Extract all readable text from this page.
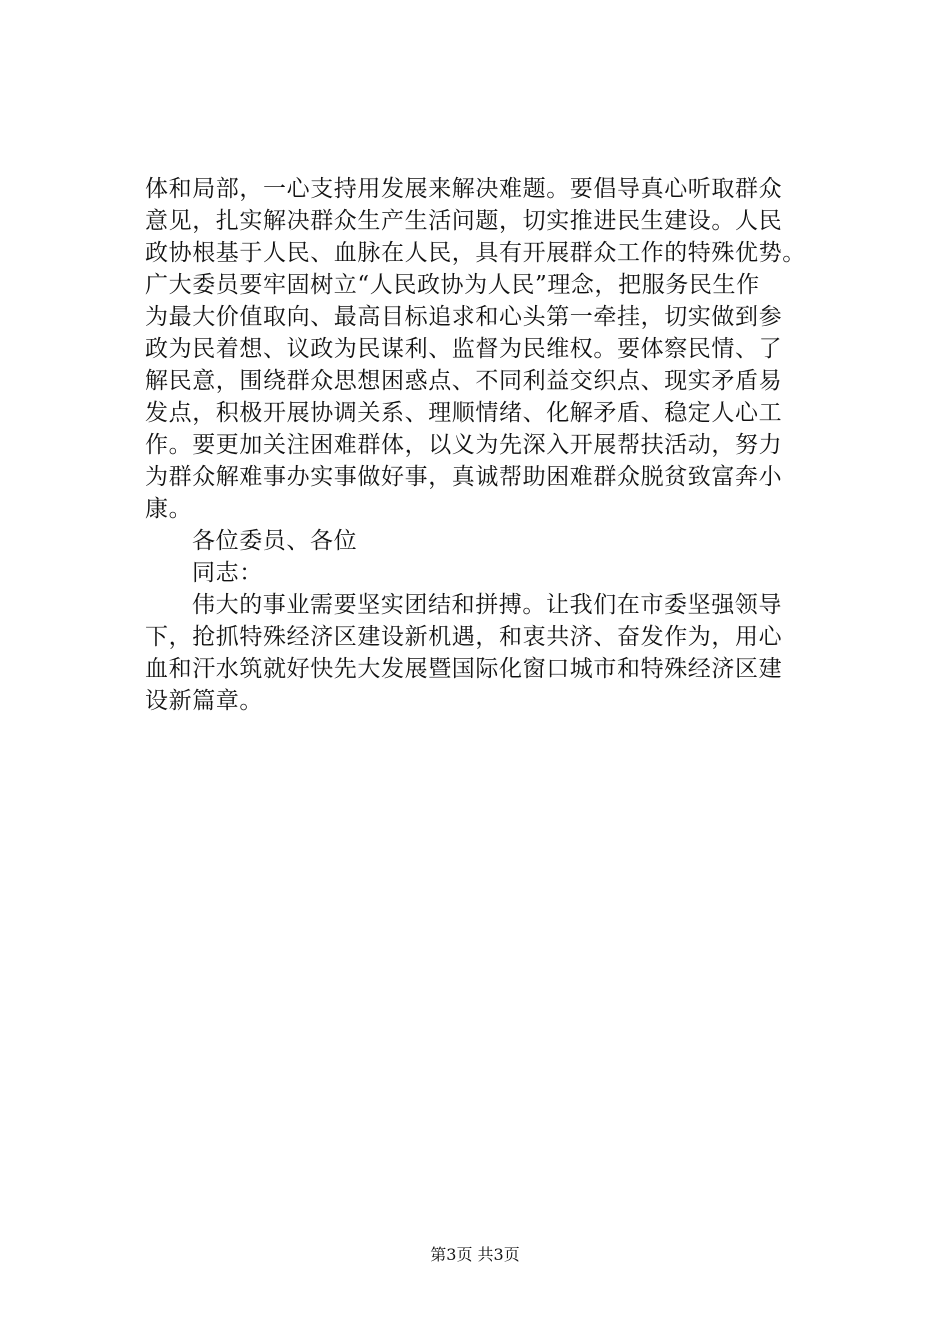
体和局部，一心支持用发展来解决难题。要倡导真心听取群众
意见，扎实解决群众生产生活问题，切实推进民生建设。人民
政协根基于人民、血脉在人民，具有开展群众工作的特殊优势。
广大委员要牢固树立“人民政协为人民”理念，把服务民生作
为最大价值取向、最高目标追求和心头第一牵挂，切实做到参
政为民着想、议政为民谋利、监督为民维权。要体察民情、了
解民意，围绕群众思想困惑点、不同利益交织点、现实矛盾易
发点，积极开展协调关系、理顺情绪、化解矛盾、稳定人心工
作。要更加关注困难群体，以义为先深入开展帮扶活动，努力
为群众解难事办实事做好事，真诚帮助困难群众脱贫致富奔小
康。
各位委员、各位
同志：
伟大的事业需要坚实团结和拼搏。让我们在市委坚强领导
下，抢抓特殊经济区建设新机遇，和衷共济、奋发作为，用心
血和汗水筑就好快先大发展暨国际化窗口城市和特殊经济区建
设新篇章。
第3页 共3页
